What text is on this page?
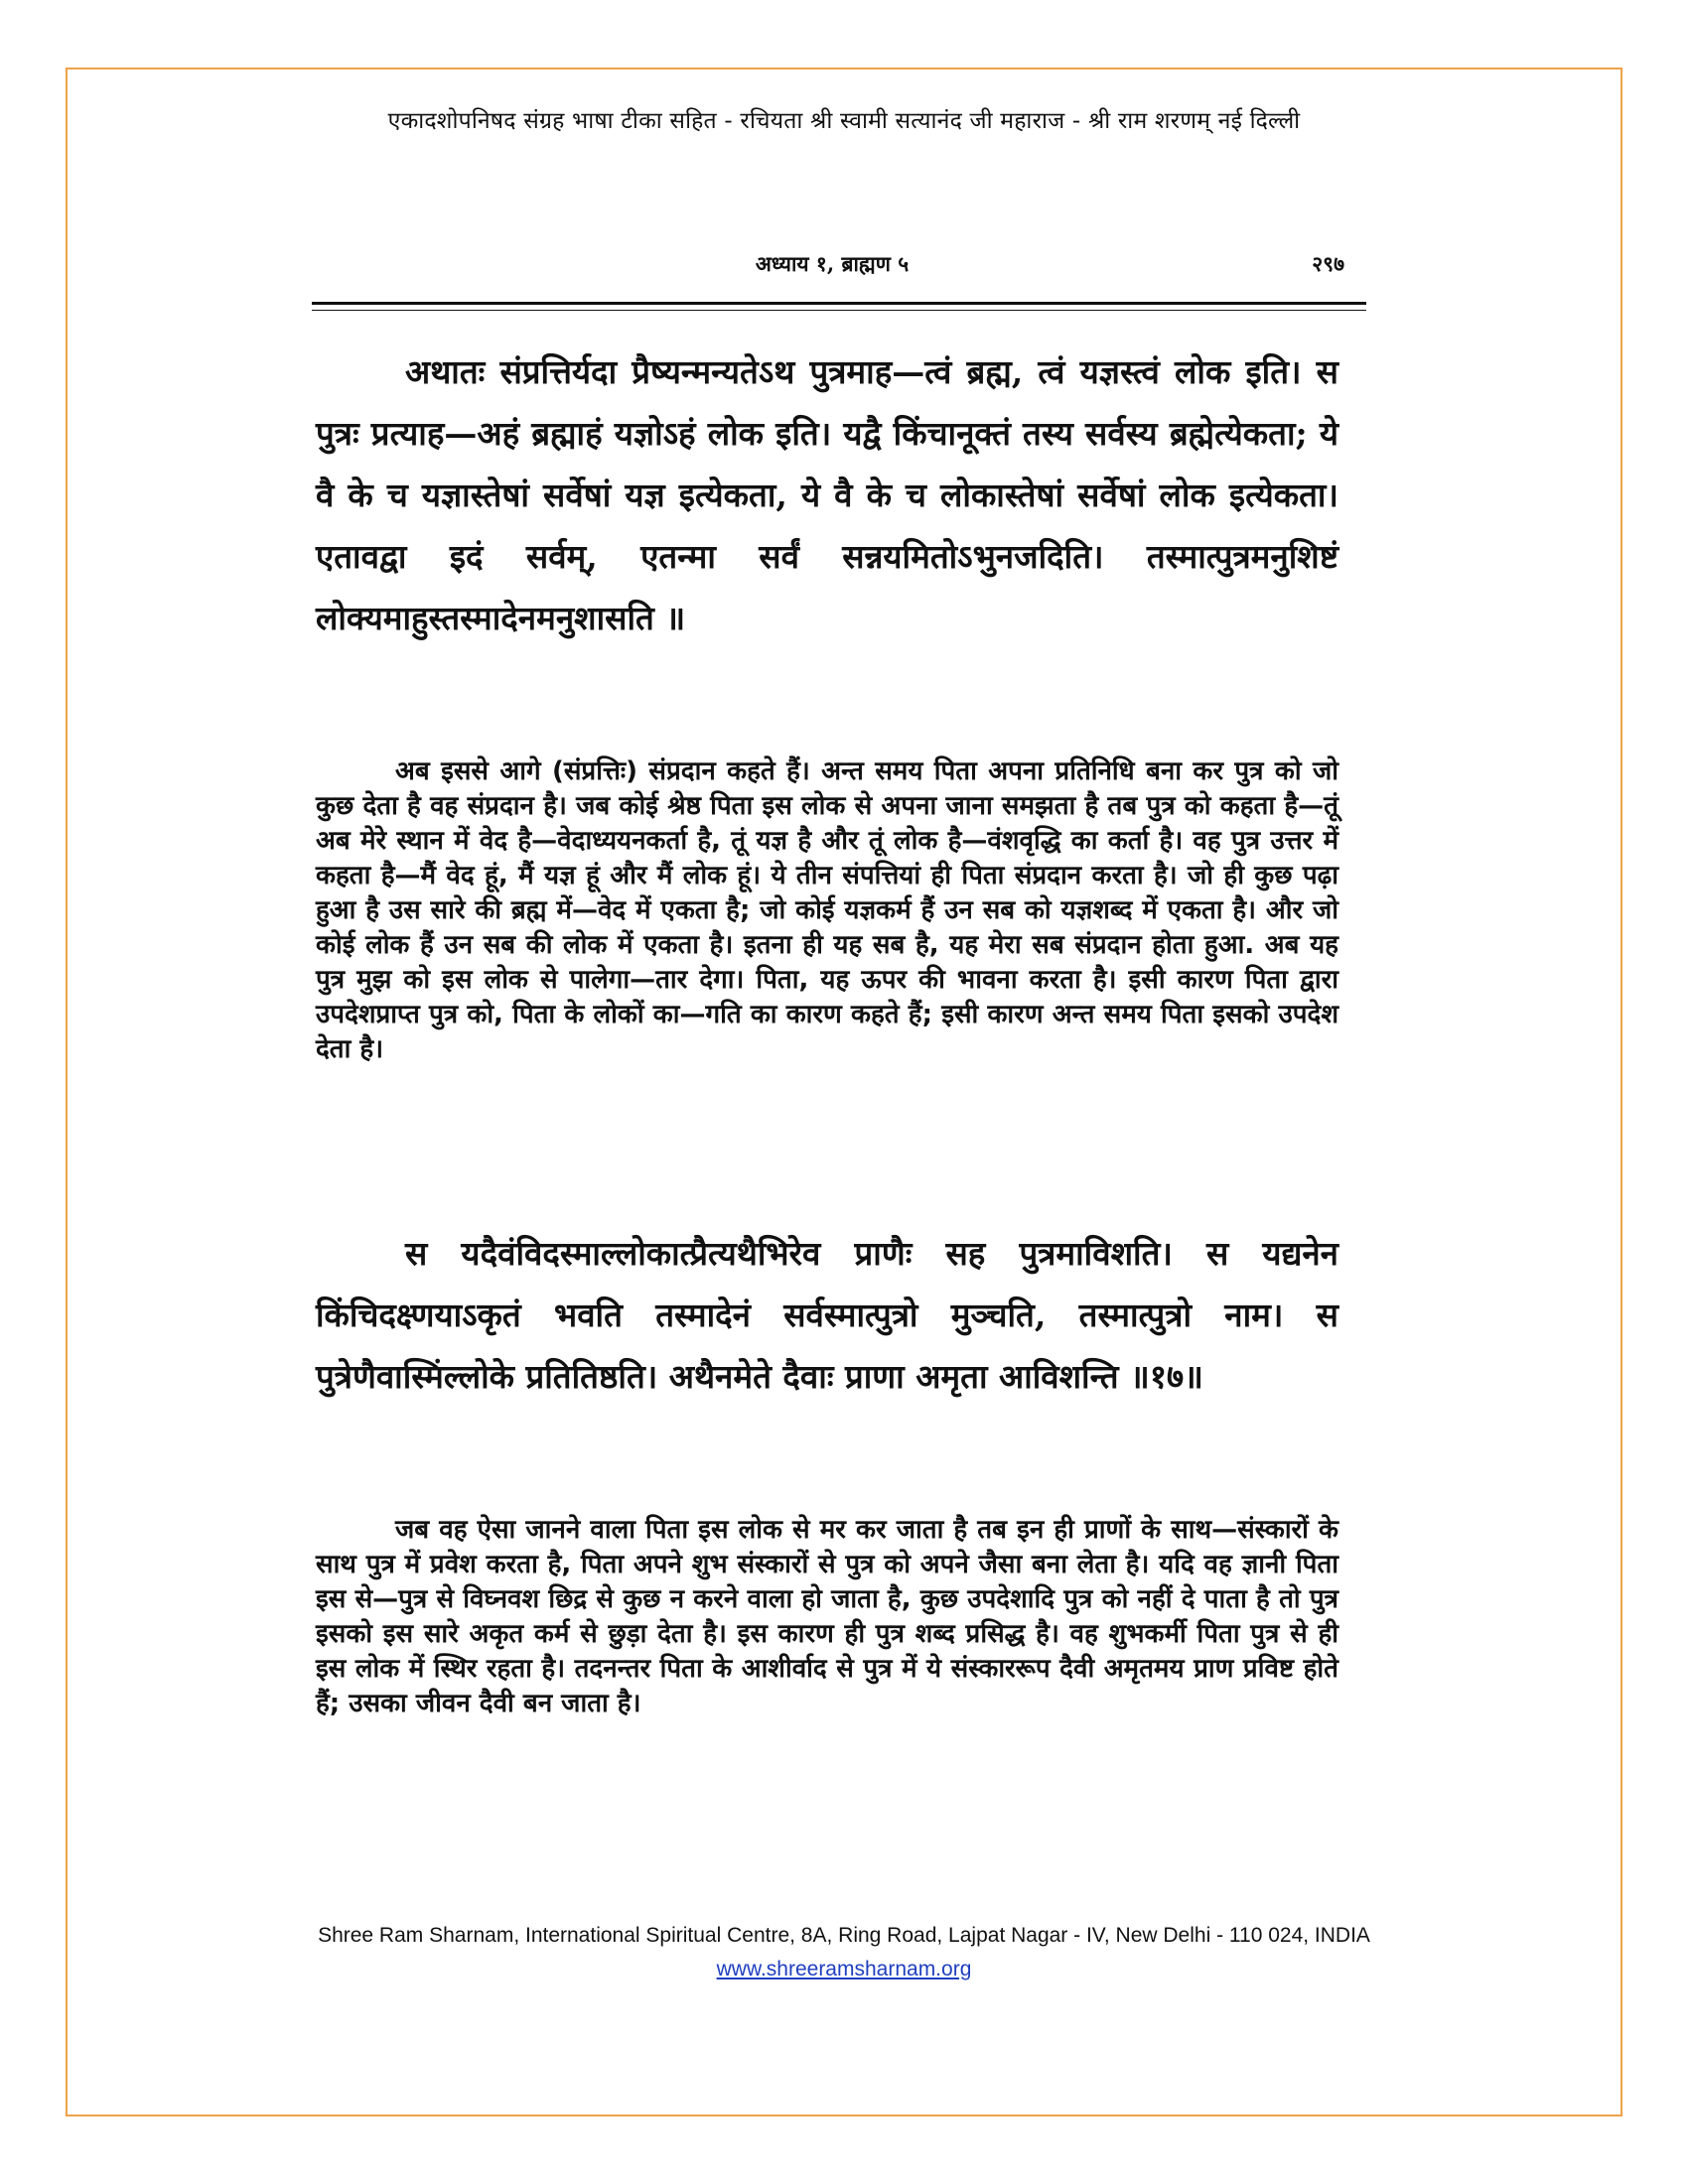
एकादशोपनिषद संग्रह भाषा टीका सहित - रचियता श्री स्वामी सत्यानंद जी महाराज - श्री राम शरणम् नई दिल्ली
अध्याय १, ब्राह्मण ५	२९७

अथातः संप्रत्तिर्यदा प्रैष्यन्मन्यतेऽथ पुत्रमाह—त्वं ब्रह्म, त्वं यज्ञस्त्वं लोक इति। स पुत्रः प्रत्याह—अहं ब्रह्माहं यज्ञोऽहं लोक इति। यद्वै किंचानूक्तं तस्य सर्वस्य ब्रह्मेत्येकता; ये वै के च यज्ञास्तेषां सर्वेषां यज्ञ इत्येकता, ये वै के च लोकास्तेषां सर्वेषां लोक इत्येकता। एतावद्वा इदं सर्वम्, एतन्मा सर्वं सन्नयमितोऽभुनजदिति। तस्मात्पुत्रमनुशिष्टं लोक्यमाहुस्तस्मादेनमनुशासति ॥

अब इससे आगे (संप्रत्तिः) संप्रदान कहते हैं। अन्त समय पिता अपना प्रतिनिधि बना कर पुत्र को जो कुछ देता है वह संप्रदान है। जब कोई श्रेष्ठ पिता इस लोक से अपना जाना समझता है तब पुत्र को कहता है—तूं अब मेरे स्थान में वेद है—वेदाध्ययनकर्ता है, तूं यज्ञ है और तूं लोक है—वंशवृद्धि का कर्ता है। वह पुत्र उत्तर में कहता है—मैं वेद हूं, मैं यज्ञ हूं और मैं लोक हूं। ये तीन संपत्तियां ही पिता संप्रदान करता है। जो ही कुछ पढ़ा हुआ है उस सारे की ब्रह्म में—वेद में एकता है; जो कोई यज्ञकर्म हैं उन सब को यज्ञशब्द में एकता है। और जो कोई लोक हैं उन सब की लोक में एकता है। इतना ही यह सब है, यह मेरा सब संप्रदान होता हुआ. अब यह पुत्र मुझ को इस लोक से पालेगा—तार देगा। पिता, यह ऊपर की भावना करता है। इसी कारण पिता द्वारा उपदेशप्राप्त पुत्र को, पिता के लोकों का—गति का कारण कहते हैं; इसी कारण अन्त समय पिता इसको उपदेश देता है।

स यदैवंविदस्माल्लोकात्प्रैत्यथैभिरेव प्राणैः सह पुत्रमाविशति। स यद्यनेन किंचिदक्ष्णयाऽकृतं भवति तस्मादेनं सर्वस्मात्पुत्रो मुञ्चति, तस्मात्पुत्रो नाम। स पुत्रेणैवास्मिंल्लोके प्रतितिष्ठति। अथैनमेते दैवाः प्राणा अमृता आविशन्ति ॥१७॥

जब वह ऐसा जानने वाला पिता इस लोक से मर कर जाता है तब इन ही प्राणों के साथ—संस्कारों के साथ पुत्र में प्रवेश करता है, पिता अपने शुभ संस्कारों से पुत्र को अपने जैसा बना लेता है। यदि वह ज्ञानी पिता इस से—पुत्र से विघ्नवश छिद्र से कुछ न करने वाला हो जाता है, कुछ उपदेशादि पुत्र को नहीं दे पाता है तो पुत्र इसको इस सारे अकृत कर्म से छुड़ा देता है। इस कारण ही पुत्र शब्द प्रसिद्ध है। वह शुभकर्मी पिता पुत्र से ही इस लोक में स्थिर रहता है। तदनन्तर पिता के आशीर्वाद से पुत्र में ये संस्काररूप दैवी अमृतमय प्राण प्रविष्ट होते हैं; उसका जीवन दैवी बन जाता है।

Shree Ram Sharnam, International Spiritual Centre, 8A, Ring Road, Lajpat Nagar - IV, New Delhi - 110 024, INDIA
www.shreeramsharnam.org
